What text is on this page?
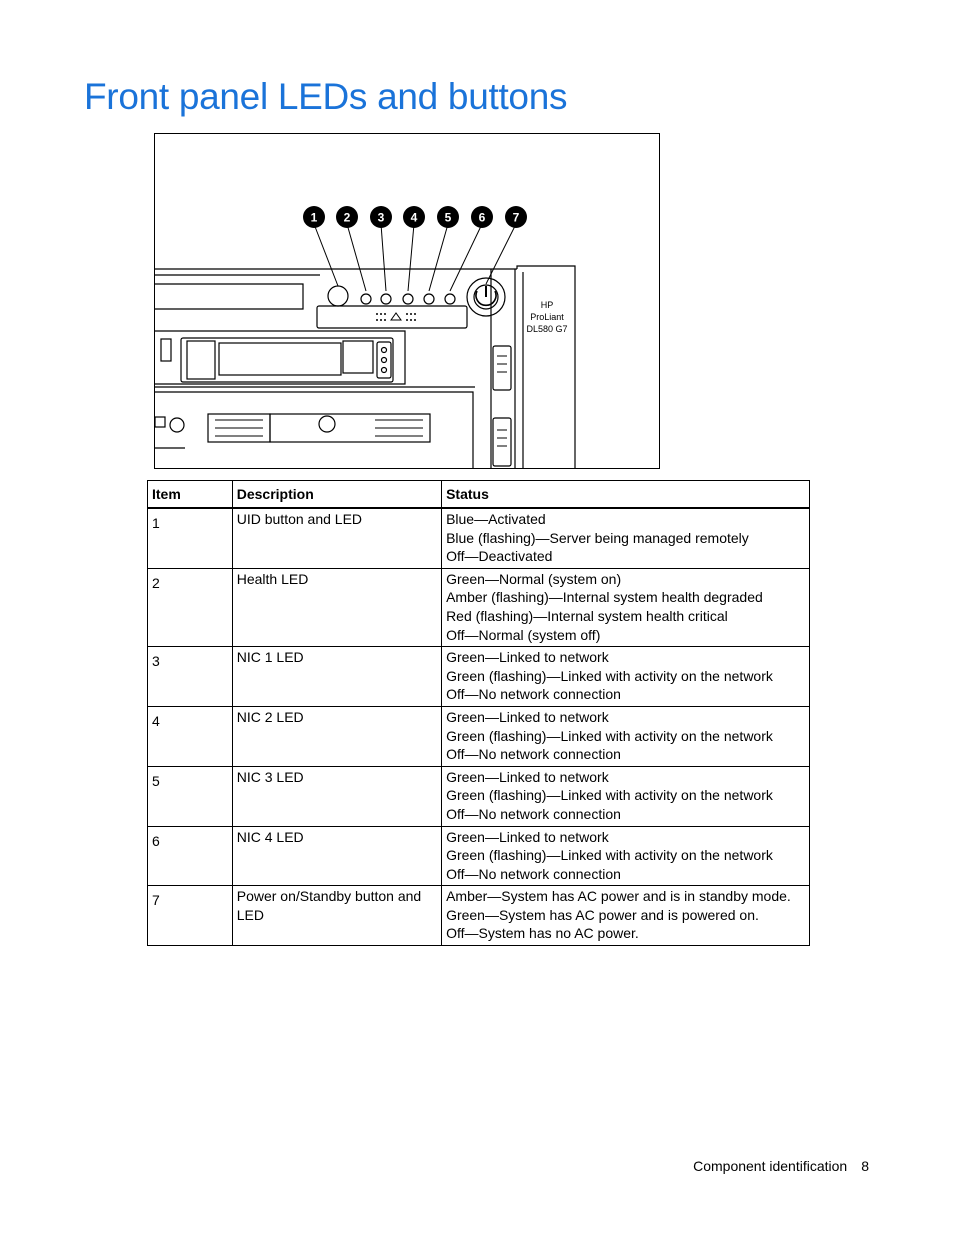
Front panel LEDs and buttons
HP
ProLiant
DL580 G7
1 2 3 4 5 6 7
Item	Description	Status
1	UID button and LED	Blue—Activated
Blue (flashing)—Server being managed remotely
Off—Deactivated

2	Health LED	Green—Normal (system on)
Amber (flashing)—Internal system health degraded
Red (flashing)—Internal system health critical
Off—Normal (system off)

3	NIC 1 LED	Green—Linked to network
Green (flashing)—Linked with activity on the network
Off—No network connection

4	NIC 2 LED	Green—Linked to network
Green (flashing)—Linked with activity on the network
Off—No network connection

5	NIC 3 LED	Green—Linked to network
Green (flashing)—Linked with activity on the network
Off—No network connection

6	NIC 4 LED	Green—Linked to network
Green (flashing)—Linked with activity on the network
Off—No network connection

7	Power on/Standby button and LED	Amber—System has AC power and is in standby mode.
Green—System has AC power and is powered on.
Off—System has no AC power.
Component identification 8
